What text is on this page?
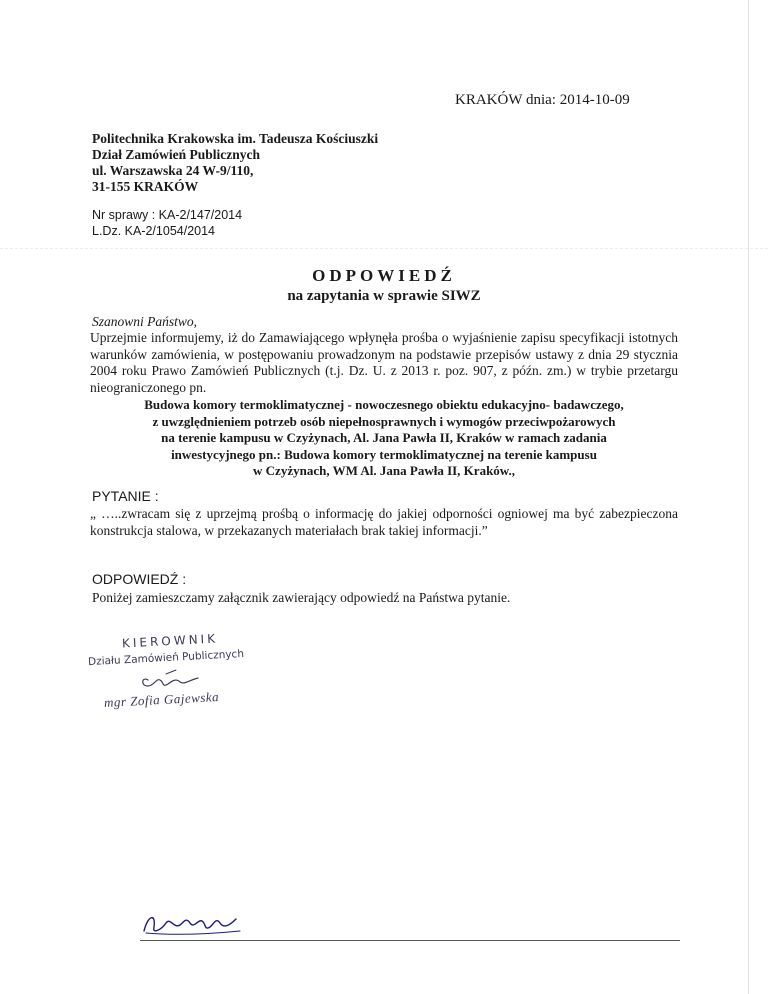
KRAKÓW dnia: 2014-10-09
Politechnika Krakowska im. Tadeusza Kościuszki
Dział Zamówień Publicznych
ul. Warszawska 24 W-9/110,
31-155 KRAKÓW
Nr sprawy : KA-2/147/2014
L.Dz. KA-2/1054/2014
ODPOWIEDŹ
na zapytania w sprawie SIWZ
Szanowni Państwo,
Uprzejmie informujemy, iż do Zamawiającego wpłynęła prośba o wyjaśnienie zapisu specyfikacji istotnych warunków zamówienia, w postępowaniu prowadzonym na podstawie przepisów ustawy z dnia 29 stycznia 2004 roku Prawo Zamówień Publicznych (t.j. Dz. U. z 2013 r. poz. 907, z późn. zm.) w trybie przetargu nieograniczonego pn.
Budowa komory termoklimatycznej - nowoczesnego obiektu edukacyjno- badawczego,
z uwzględnieniem potrzeb osób niepełnosprawnych i wymogów przeciwpożarowych
na terenie kampusu w Czyżynach, Al. Jana Pawła II, Kraków w ramach zadania
inwestycyjnego pn.: Budowa komory termoklimatycznej na terenie kampusu
w Czyżynach, WM Al. Jana Pawła II, Kraków.,
PYTANIE :
„ …..zwracam się z uprzejmą prośbą o informację do jakiej odporności ogniowej ma być zabezpieczona konstrukcja stalowa, w przekazanych materiałach brak takiej informacji.”
ODPOWIEDŹ :
Poniżej zamieszczamy załącznik zawierający odpowiedź na Państwa pytanie.
KIEROWNIK
Działu Zamówień Publicznych
mgr Zofia Gajewska
